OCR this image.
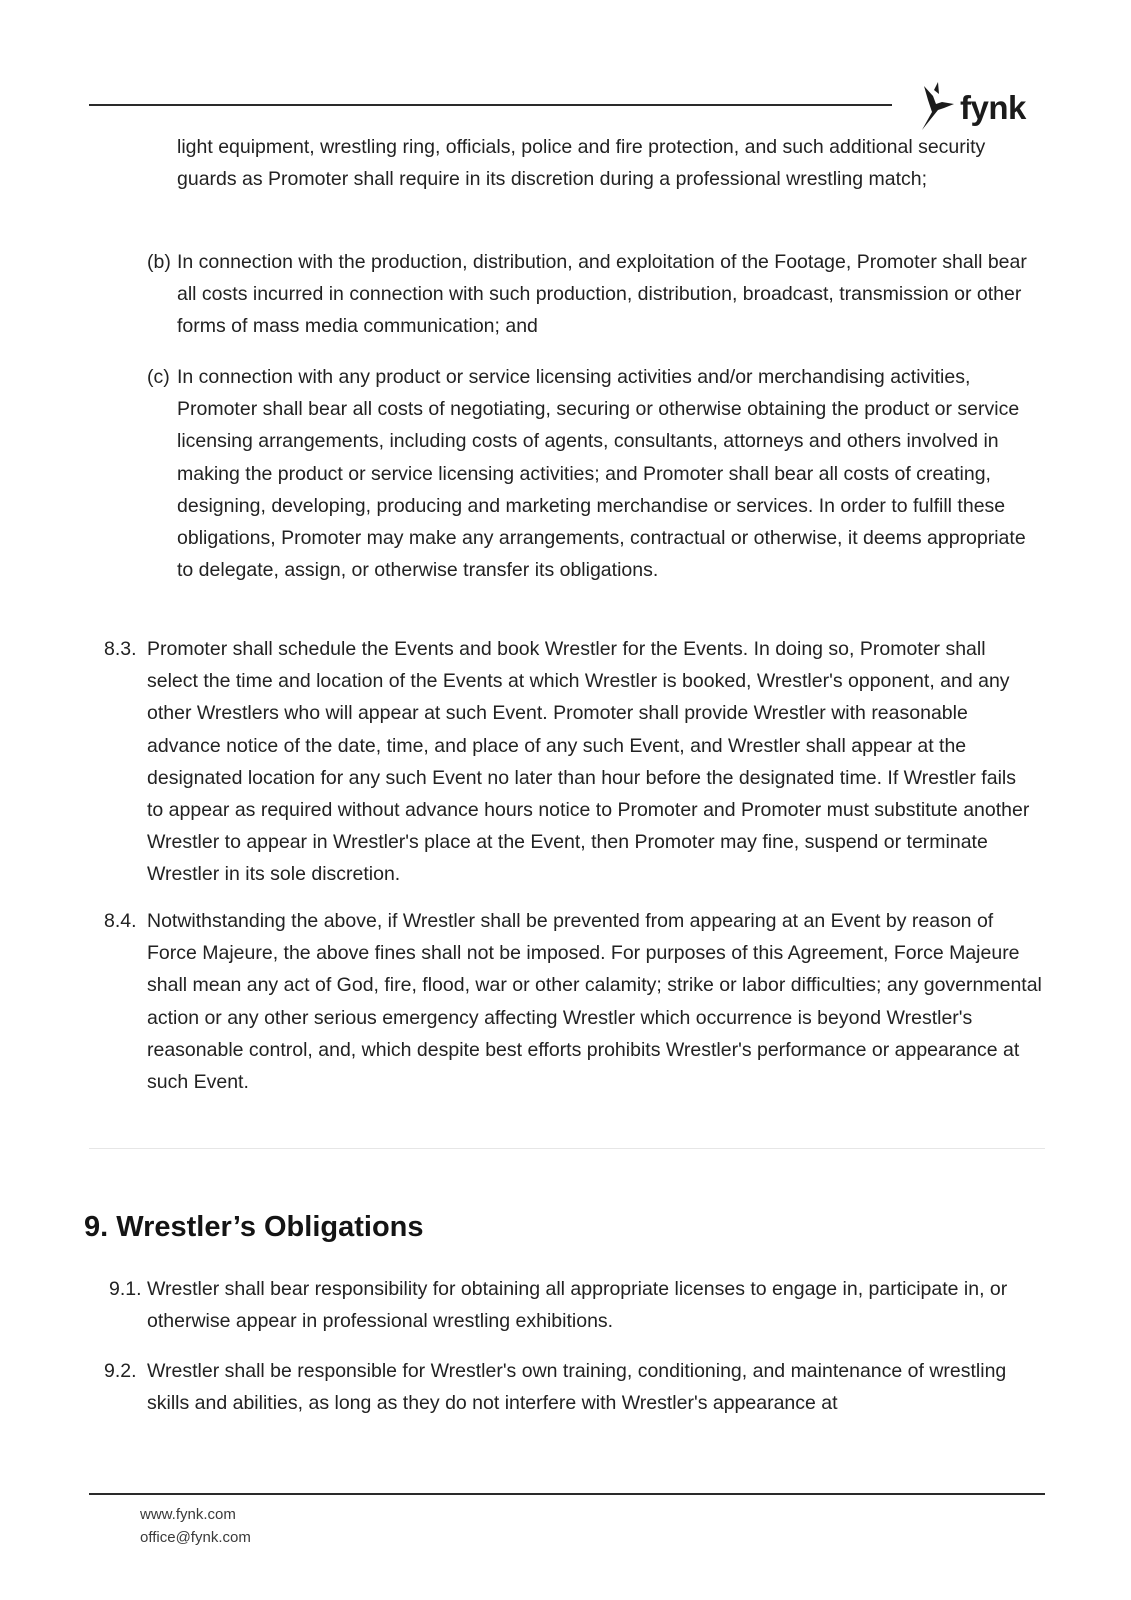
fynk
light equipment, wrestling ring, officials, police and fire protection, and such additional security guards as Promoter shall require in its discretion during a professional wrestling match;
(b) In connection with the production, distribution, and exploitation of the Footage, Promoter shall bear all costs incurred in connection with such production, distribution, broadcast, transmission or other forms of mass media communication; and
(c) In connection with any product or service licensing activities and/or merchandising activities, Promoter shall bear all costs of negotiating, securing or otherwise obtaining the product or service licensing arrangements, including costs of agents, consultants, attorneys and others involved in making the product or service licensing activities; and Promoter shall bear all costs of creating, designing, developing, producing and marketing merchandise or services. In order to fulfill these obligations, Promoter may make any arrangements, contractual or otherwise, it deems appropriate to delegate, assign, or otherwise transfer its obligations.
8.3. Promoter shall schedule the Events and book Wrestler for the Events. In doing so, Promoter shall select the time and location of the Events at which Wrestler is booked, Wrestler's opponent, and any other Wrestlers who will appear at such Event. Promoter shall provide Wrestler with reasonable advance notice of the date, time, and place of any such Event, and Wrestler shall appear at the designated location for any such Event no later than hour before the designated time. If Wrestler fails to appear as required without advance hours notice to Promoter and Promoter must substitute another Wrestler to appear in Wrestler's place at the Event, then Promoter may fine, suspend or terminate Wrestler in its sole discretion.
8.4. Notwithstanding the above, if Wrestler shall be prevented from appearing at an Event by reason of Force Majeure, the above fines shall not be imposed. For purposes of this Agreement, Force Majeure shall mean any act of God, fire, flood, war or other calamity; strike or labor difficulties; any governmental action or any other serious emergency affecting Wrestler which occurrence is beyond Wrestler's reasonable control, and, which despite best efforts prohibits Wrestler's performance or appearance at such Event.
9. Wrestler’s Obligations
9.1. Wrestler shall bear responsibility for obtaining all appropriate licenses to engage in, participate in, or otherwise appear in professional wrestling exhibitions.
9.2. Wrestler shall be responsible for Wrestler's own training, conditioning, and maintenance of wrestling skills and abilities, as long as they do not interfere with Wrestler's appearance at
www.fynk.com
office@fynk.com
